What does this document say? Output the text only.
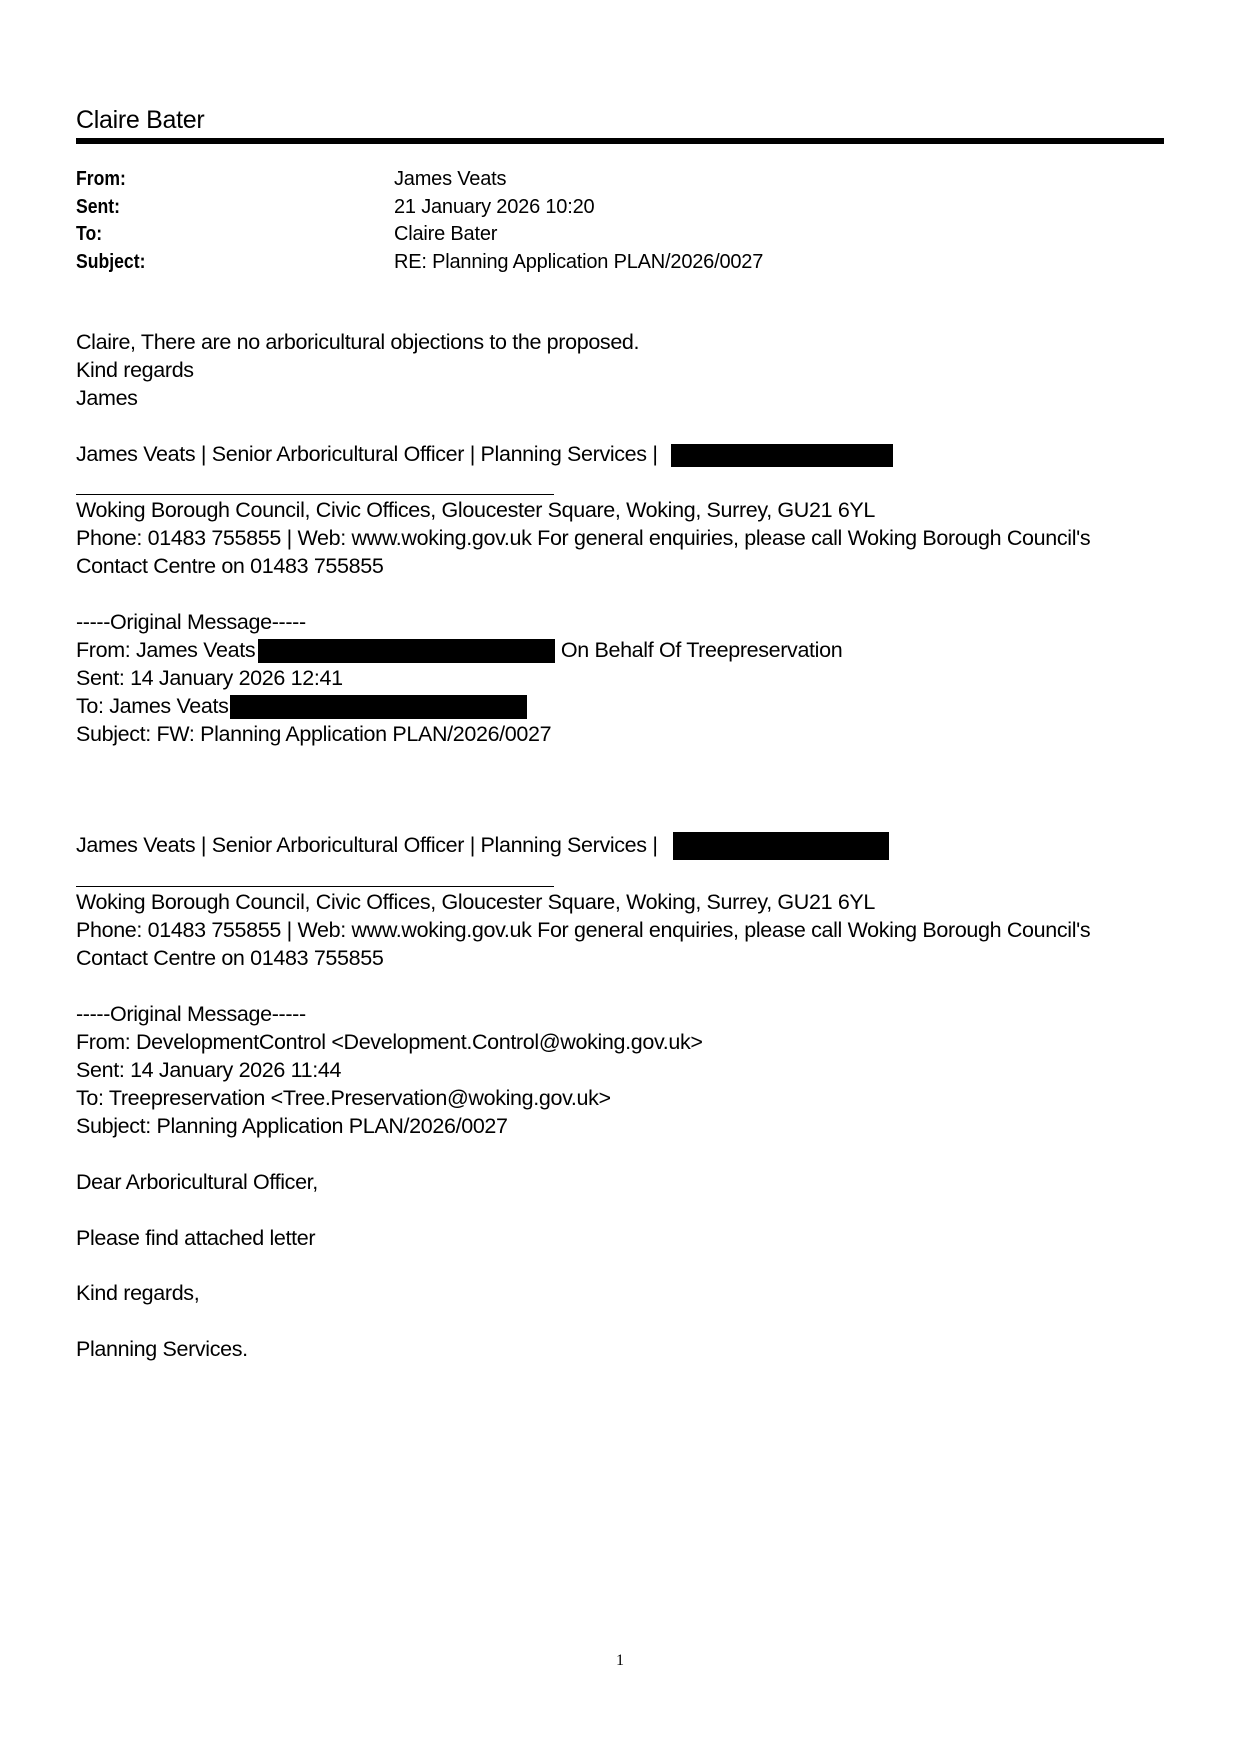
Claire Bater
From:	James Veats
Sent:	21 January 2026 10:20
To:	Claire Bater
Subject:	RE: Planning Application PLAN/2026/0027
Claire, There are no arboricultural objections to the proposed.
Kind regards
James
James Veats | Senior Arboricultural Officer | Planning Services |
Woking Borough Council, Civic Offices, Gloucester Square, Woking, Surrey, GU21 6YL
Phone: 01483 755855 | Web: www.woking.gov.uk For general enquiries, please call Woking Borough Council's
Contact Centre on 01483 755855
-----Original Message-----
From: James Veats	On Behalf Of Treepreservation
Sent: 14 January 2026 12:41
To: James Veats
Subject: FW: Planning Application PLAN/2026/0027
James Veats | Senior Arboricultural Officer | Planning Services |
Woking Borough Council, Civic Offices, Gloucester Square, Woking, Surrey, GU21 6YL
Phone: 01483 755855 | Web: www.woking.gov.uk For general enquiries, please call Woking Borough Council's
Contact Centre on 01483 755855
-----Original Message-----
From: DevelopmentControl <Development.Control@woking.gov.uk>
Sent: 14 January 2026 11:44
To: Treepreservation <Tree.Preservation@woking.gov.uk>
Subject: Planning Application PLAN/2026/0027
Dear Arboricultural Officer,
Please find attached letter
Kind regards,
Planning Services.
1
